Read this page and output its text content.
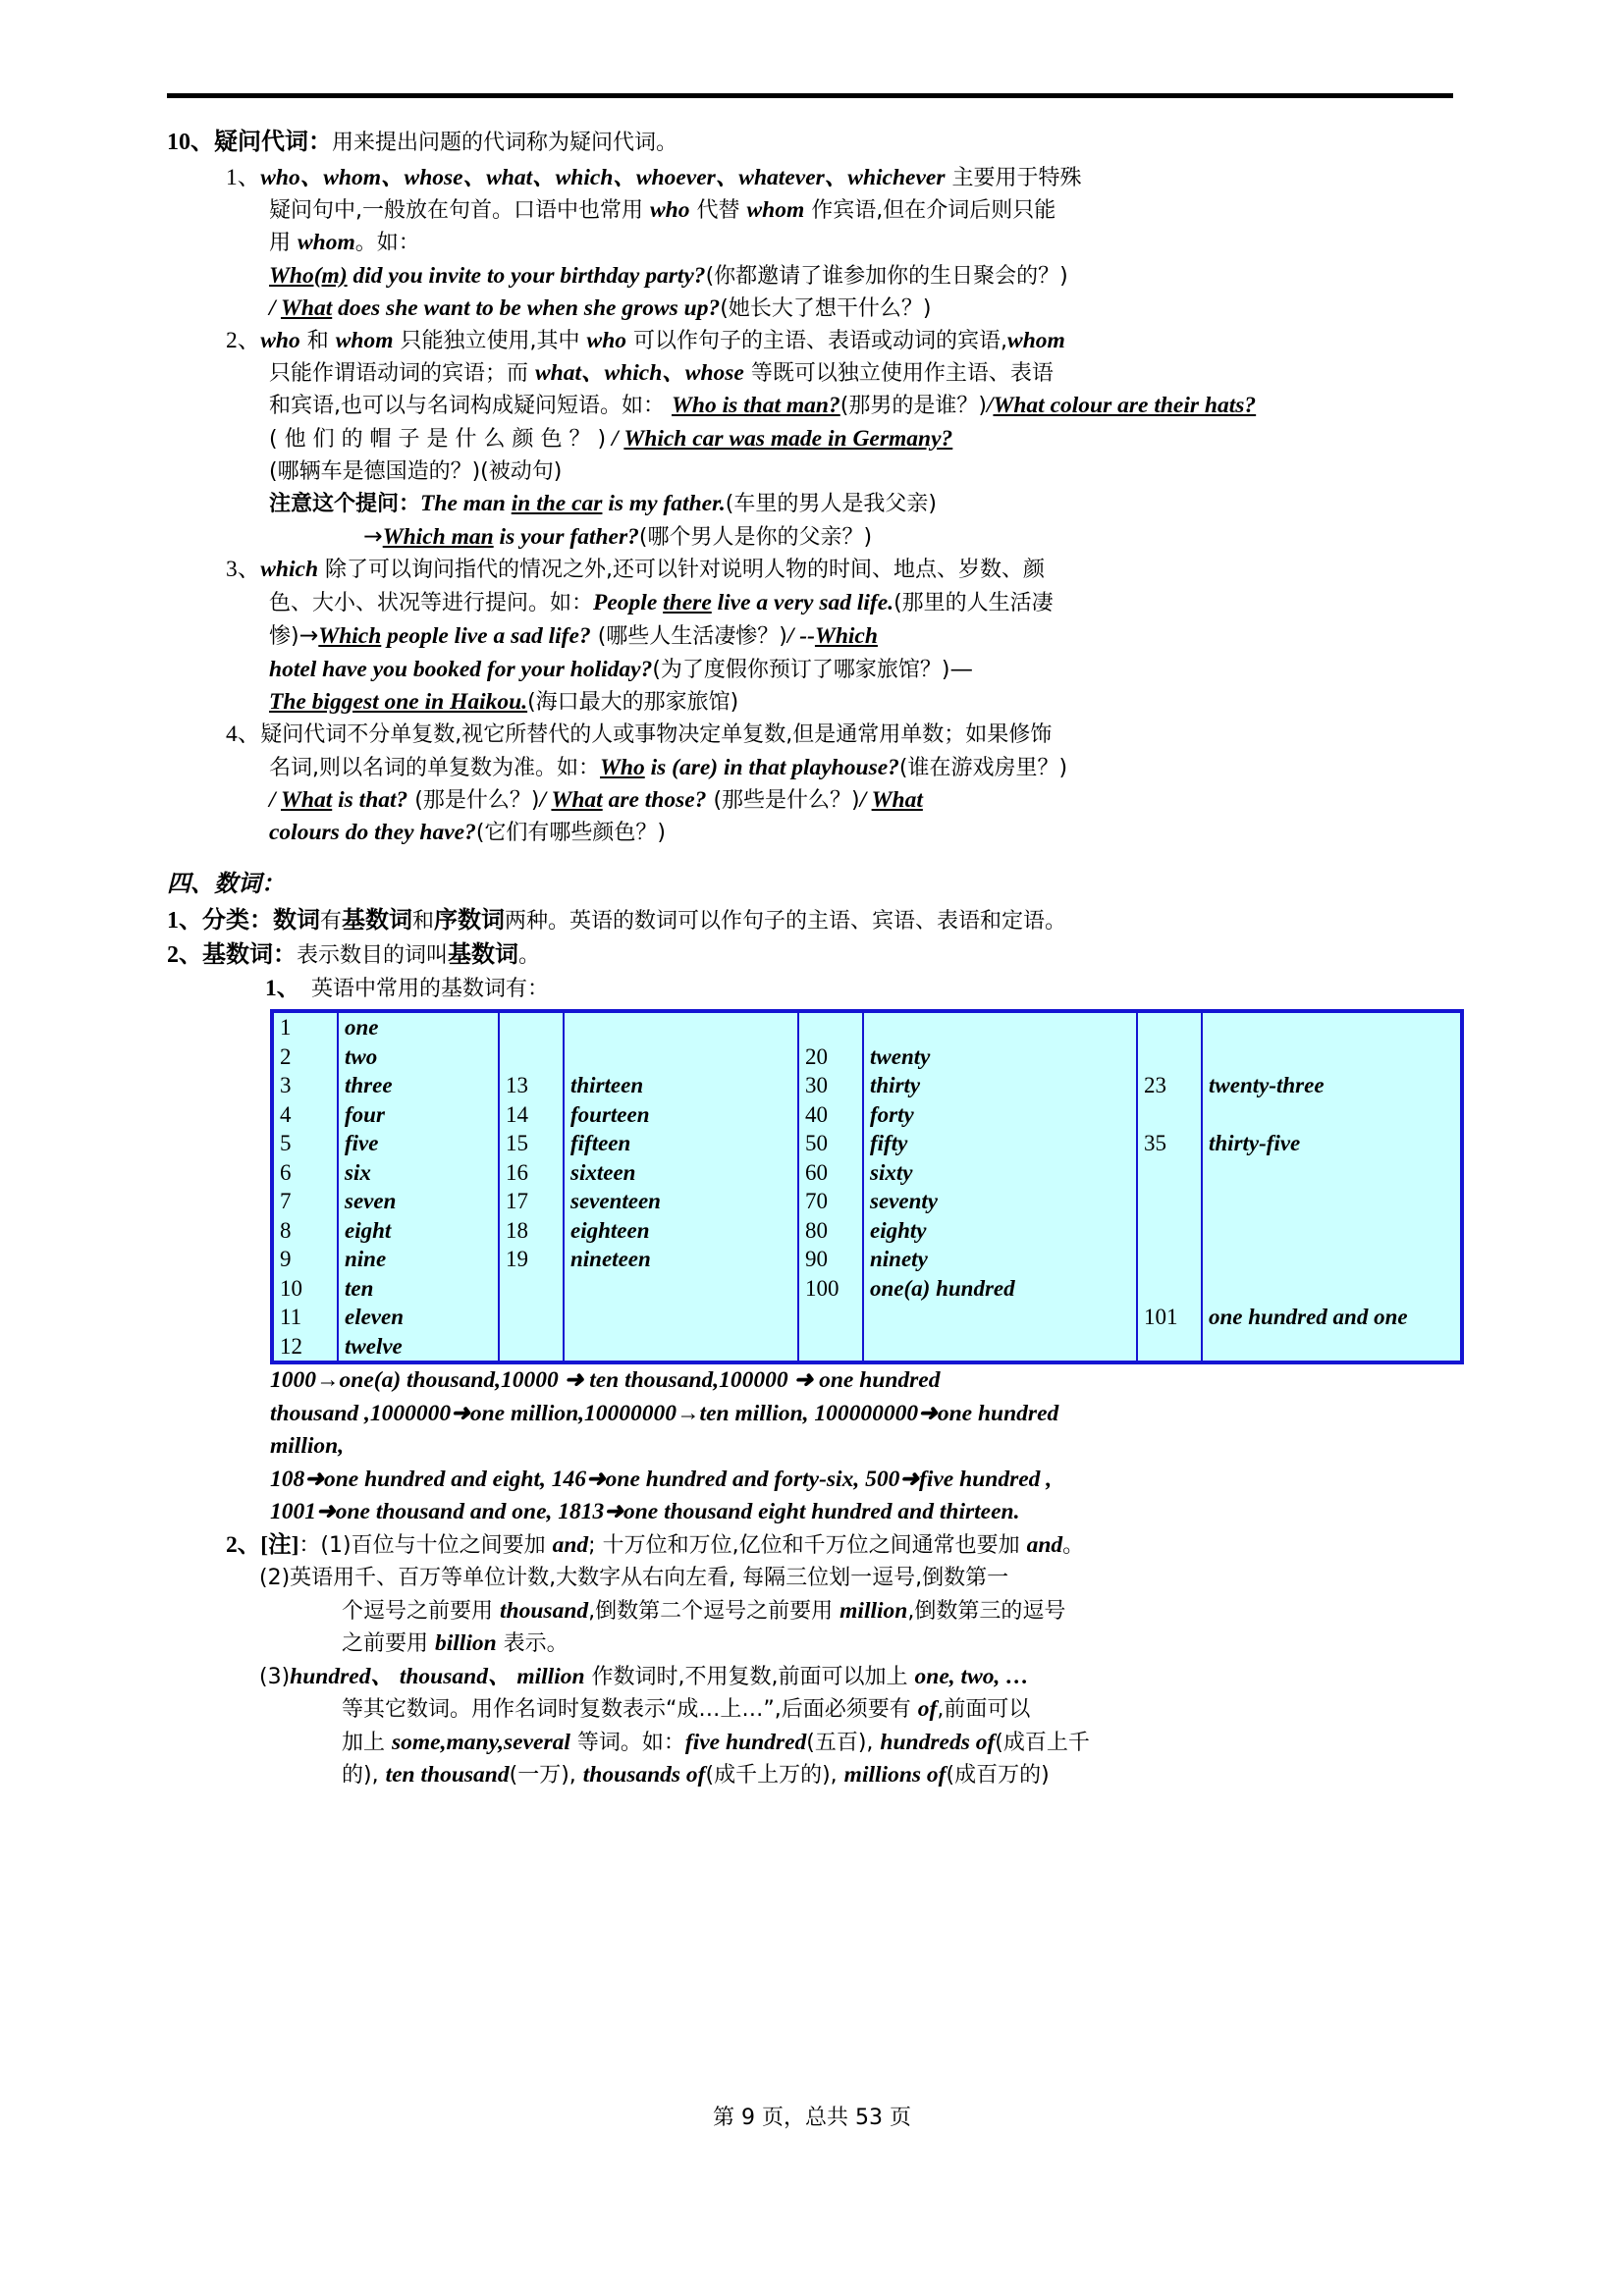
10、疑问代词：用来提出问题的代词称为疑问代词。
1、who、whom、whose、what、which、whoever、whatever、whichever 主要用于特殊
疑问句中,一般放在句首。口语中也常用 who 代替 whom 作宾语,但在介词后则只能
用 whom。如：
Who(m) did you invite to your birthday party?(你都邀请了谁参加你的生日聚会的？)
/ What does she want to be when she grows up?(她长大了想干什么？)
2、who 和 whom 只能独立使用,其中 who 可以作句子的主语、表语或动词的宾语,whom
只能作谓语动词的宾语；而 what、which、whose 等既可以独立使用作主语、表语
和宾语,也可以与名词构成疑问短语。如： Who is that man?(那男的是谁？)/What colour are their hats?
( 他 们 的 帽 子 是 什 么 颜 色 ？ ) / Which car was made in Germany?
(哪辆车是德国造的？)(被动句)
注意这个提问：The man in the car is my father.(车里的男人是我父亲)
→Which man is your father?(哪个男人是你的父亲？)
3、which 除了可以询问指代的情况之外,还可以针对说明人物的时间、地点、岁数、颜
色、大小、状况等进行提问。如：People there live a very sad life.(那里的人生活凄
惨)→Which people live a sad life? (哪些人生活凄惨？)/ --Which
hotel have you booked for your holiday?(为了度假你预订了哪家旅馆？)—
The biggest one in Haikou.(海口最大的那家旅馆)
4、疑问代词不分单复数,视它所替代的人或事物决定单复数,但是通常用单数；如果修饰
名词,则以名词的单复数为准。如：Who is (are) in that playhouse?(谁在游戏房里？)
/ What is that? (那是什么？)/ What are those? (那些是什么？)/ What
colours do they have?(它们有哪些颜色？)
四、数词：
1、分类：数词有基数词和序数词两种。英语的数词可以作句子的主语、宾语、表语和定语。
2、基数词：表示数目的词叫基数词。
1、 英语中常用的基数词有：
1	one						
2	two			20	twenty		
3	three	13	thirteen	30	thirty	23	twenty-three
4	four	14	fourteen	40	forty		
5	five	15	fifteen	50	fifty	35	thirty-five
6	six	16	sixteen	60	sixty		
7	seven	17	seventeen	70	seventy		
8	eight	18	eighteen	80	eighty		
9	nine	19	nineteen	90	ninety		
10	ten			100	one(a) hundred		
11	eleven					101	one hundred and one
12	twelve						
1000→one(a) thousand,10000 ➜ ten thousand,100000 ➜ one hundred
thousand ,1000000➜one million,10000000→ten million, 100000000➜one hundred
million,
108➜one hundred and eight, 146➜one hundred and forty-six, 500➜five hundred ,
1001➜one thousand and one, 1813➜one thousand eight hundred and thirteen.
2、[注]：(1)百位与十位之间要加 and; 十万位和万位,亿位和千万位之间通常也要加 and。
(2)英语用千、百万等单位计数,大数字从右向左看, 每隔三位划一逗号,倒数第一
个逗号之前要用 thousand,倒数第二个逗号之前要用 million,倒数第三的逗号
之前要用 billion 表示。
(3)hundred、 thousand、 million 作数词时,不用复数,前面可以加上 one, two, …
等其它数词。用作名词时复数表示“成…上…”,后面必须要有 of,前面可以
加上 some,many,several 等词。如：five hundred(五百), hundreds of(成百上千
的), ten thousand(一万), thousands of(成千上万的), millions of(成百万的)
第 9 页，总共 53 页
